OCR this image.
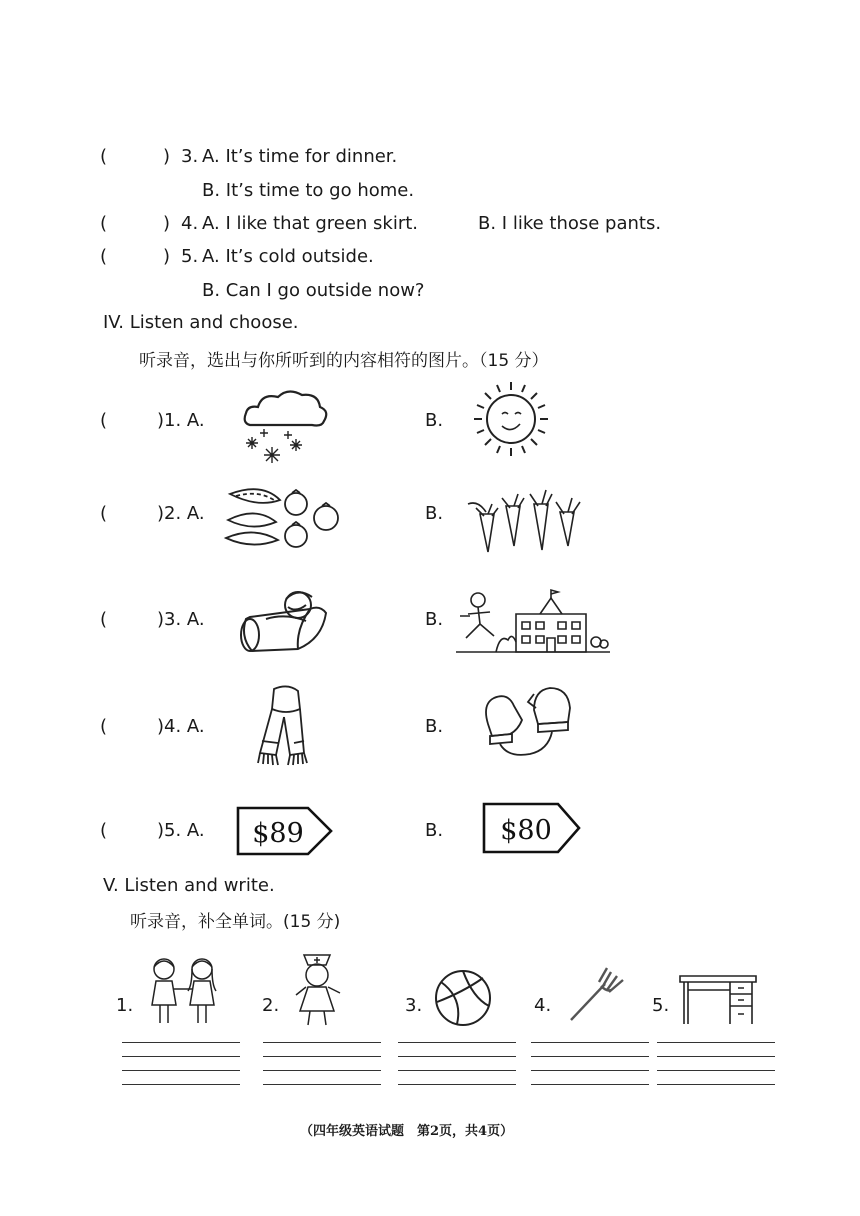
(	) 3. A. It’s time for dinner.
B. It’s time to go home.
(	) 4. A. I like that green skirt.	B. I like those pants.
(	) 5. A. It’s cold outside.
B. Can I go outside now?
IV. Listen and choose.
听录音，选出与你所听到的内容相符的图片。（15 分）
(	)1. A.	B.
(	)2. A.	B.
(	)3. A.	B.
(	)4. A.	B.
(	)5. A. $89	B. $80
V. Listen and write.
听录音，补全单词。(15 分)
1.	2.	3.	4.	5.
（四年级英语试题　第2页，共4页）
